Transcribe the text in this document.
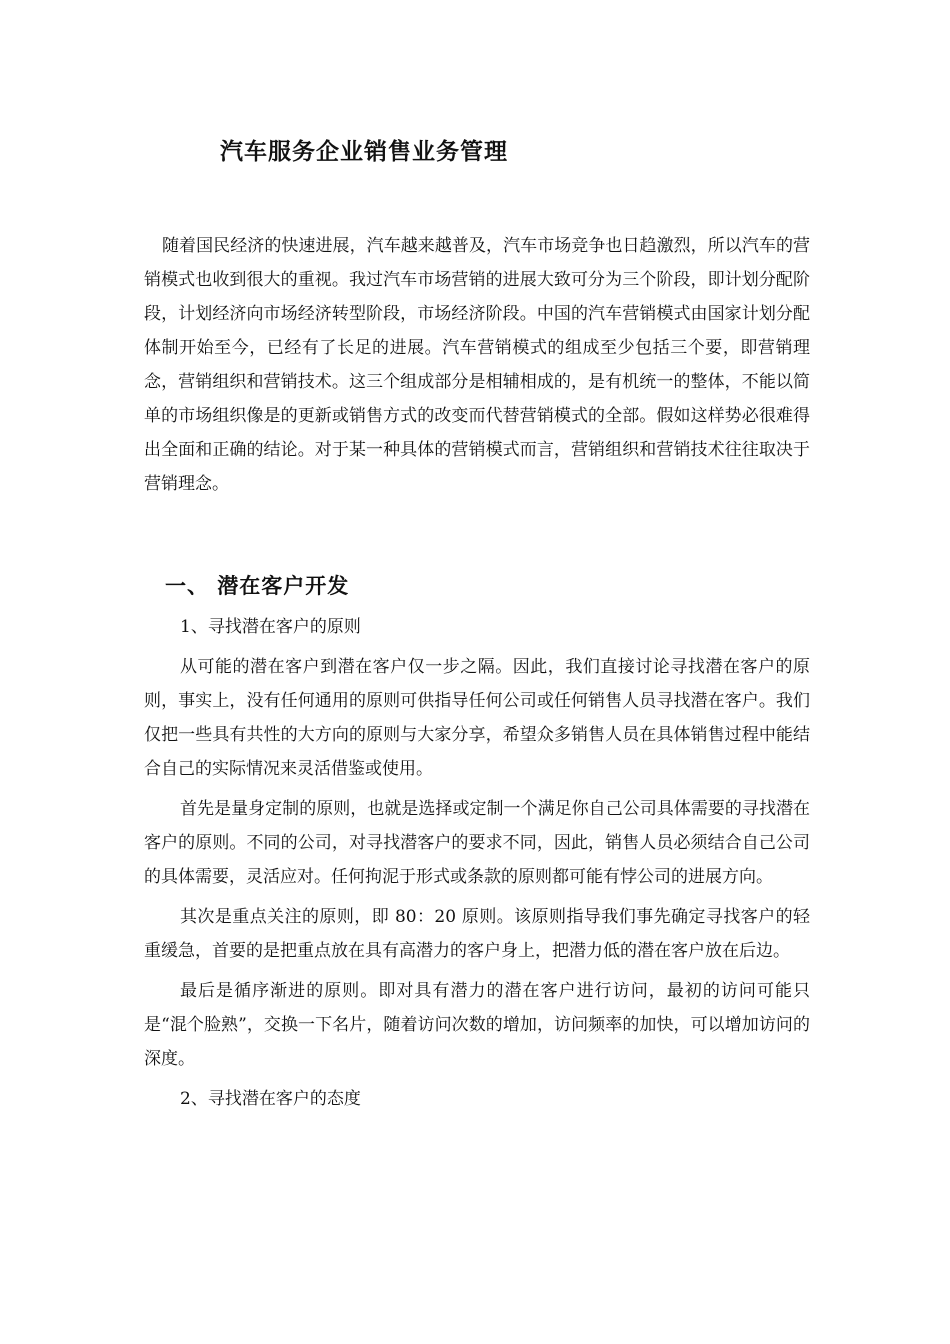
汽车服务企业销售业务管理

随着国民经济的快速进展，汽车越来越普及，汽车市场竞争也日趋激烈，所以汽车的营销模式也收到很大的重视。我过汽车市场营销的进展大致可分为三个阶段，即计划分配阶段，计划经济向市场经济转型阶段，市场经济阶段。中国的汽车营销模式由国家计划分配体制开始至今，已经有了长足的进展。汽车营销模式的组成至少包括三个要，即营销理念，营销组织和营销技术。这三个组成部分是相辅相成的，是有机统一的整体，不能以简单的市场组织像是的更新或销售方式的改变而代替营销模式的全部。假如这样势必很难得出全面和正确的结论。对于某一种具体的营销模式而言，营销组织和营销技术往往取决于营销理念。

一、 潜在客户开发

1、寻找潜在客户的原则

从可能的潜在客户到潜在客户仅一步之隔。因此，我们直接讨论寻找潜在客户的原则，事实上，没有任何通用的原则可供指导任何公司或任何销售人员寻找潜在客户。我们仅把一些具有共性的大方向的原则与大家分享，希望众多销售人员在具体销售过程中能结合自己的实际情况来灵活借鉴或使用。

首先是量身定制的原则，也就是选择或定制一个满足你自己公司具体需要的寻找潜在客户的原则。不同的公司，对寻找潜客户的要求不同，因此，销售人员必须结合自己公司的具体需要，灵活应对。任何拘泥于形式或条款的原则都可能有悖公司的进展方向。

其次是重点关注的原则，即 80：20 原则。该原则指导我们事先确定寻找客户的轻重缓急，首要的是把重点放在具有高潜力的客户身上，把潜力低的潜在客户放在后边。

最后是循序渐进的原则。即对具有潜力的潜在客户进行访问，最初的访问可能只是“混个脸熟”，交换一下名片，随着访问次数的增加，访问频率的加快，可以增加访问的深度。

2、寻找潜在客户的态度
